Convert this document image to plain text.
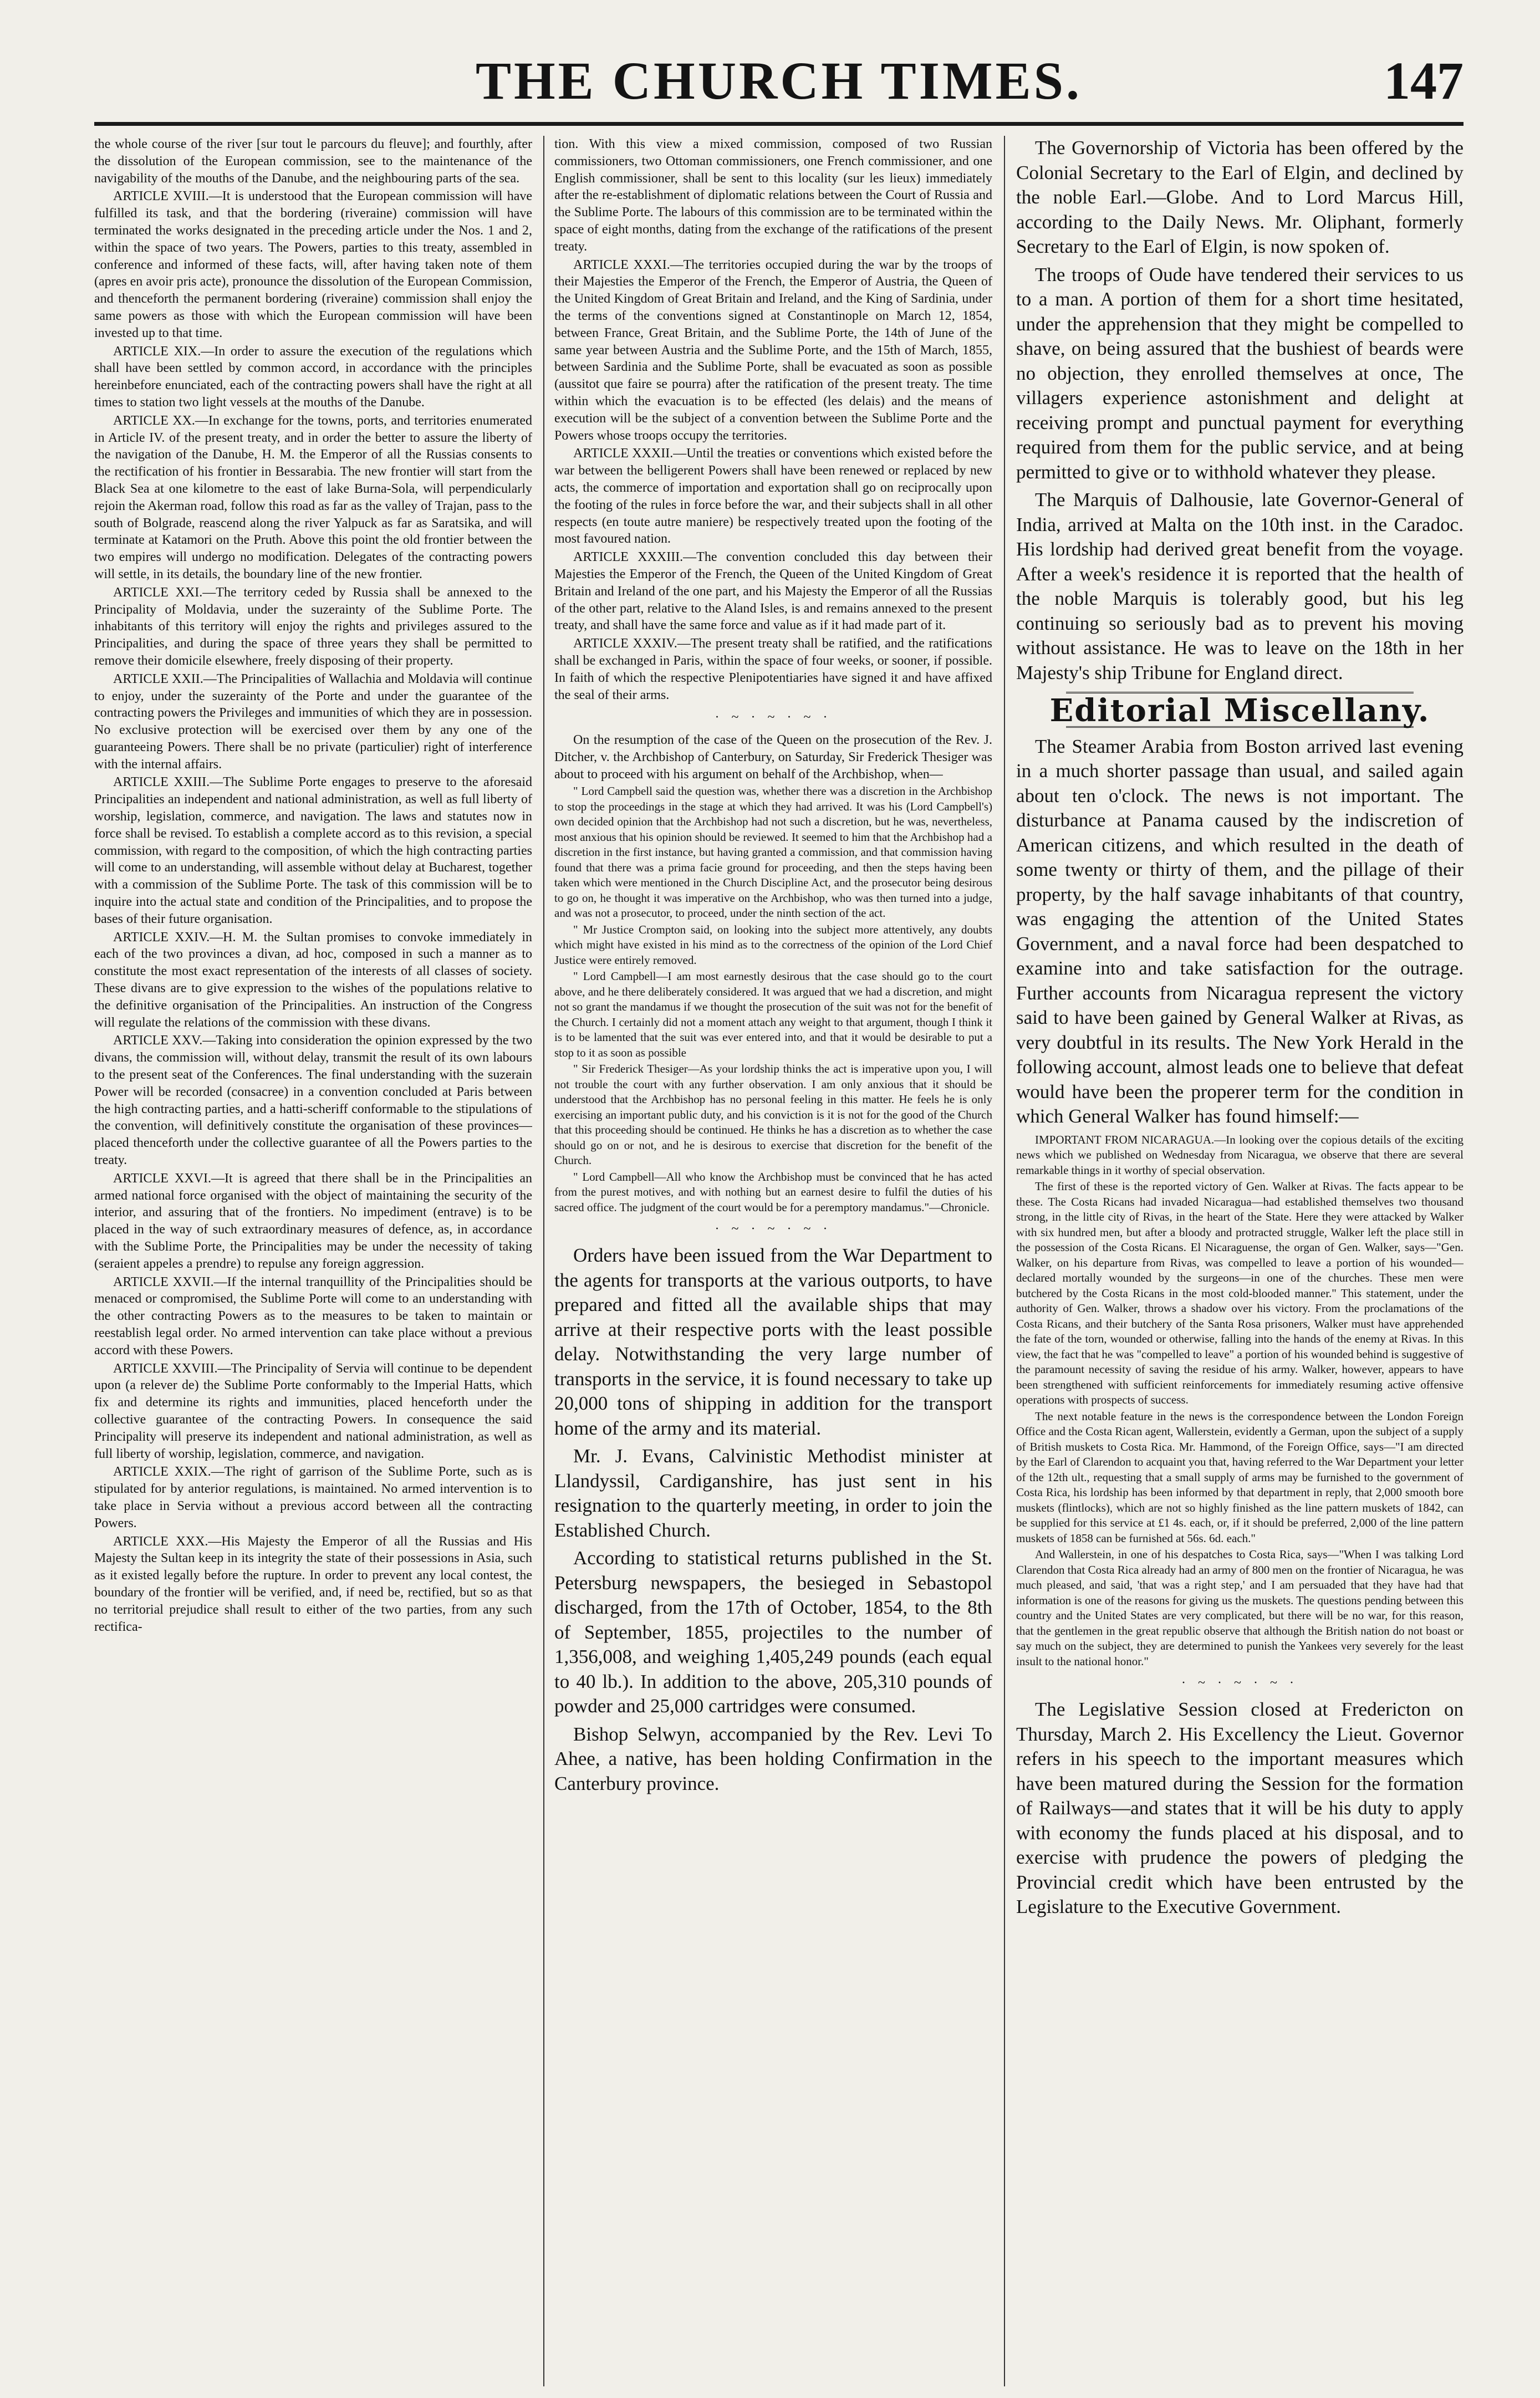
THE CHURCH TIMES.	147

the whole course of the river [sur tout le parcours du fleuve]; and fourthly, after the dissolution of the European commission, see to the maintenance of the navigability of the mouths of the Danube, and the neighbouring parts of the sea.

ARTICLE XVIII.—It is understood that the European commission will have fulfilled its task, and that the bordering (riveraine) commission will have terminated the works designated in the preceding article under the Nos. 1 and 2, within the space of two years. The Powers, parties to this treaty, assembled in conference and informed of these facts, will, after having taken note of them (apres en avoir pris acte), pronounce the dissolution of the European Commission, and thenceforth the permanent bordering (riveraine) commission shall enjoy the same powers as those with which the European commission will have been invested up to that time.

ARTICLE XIX.—In order to assure the execution of the regulations which shall have been settled by common accord, in accordance with the principles hereinbefore enunciated, each of the contracting powers shall have the right at all times to station two light vessels at the mouths of the Danube.

ARTICLE XX.—In exchange for the towns, ports, and territories enumerated in Article IV. of the present treaty, and in order the better to assure the liberty of the navigation of the Danube, H. M. the Emperor of all the Russias consents to the rectification of his frontier in Bessarabia. The new frontier will start from the Black Sea at one kilometre to the east of lake Burna-Sola, will perpendicularly rejoin the Akerman road, follow this road as far as the valley of Trajan, pass to the south of Bolgrade, reascend along the river Yalpuck as far as Saratsika, and will terminate at Katamori on the Pruth. Above this point the old frontier between the two empires will undergo no modification. Delegates of the contracting powers will settle, in its details, the boundary line of the new frontier.

ARTICLE XXI.—The territory ceded by Russia shall be annexed to the Principality of Moldavia, under the suzerainty of the Sublime Porte. The inhabitants of this territory will enjoy the rights and privileges assured to the Principalities, and during the space of three years they shall be permitted to remove their domicile elsewhere, freely disposing of their property.

ARTICLE XXII.—The Principalities of Wallachia and Moldavia will continue to enjoy, under the suzerainty of the Porte and under the guarantee of the contracting powers the Privileges and immunities of which they are in possession. No exclusive protection will be exercised over them by any one of the guaranteeing Powers. There shall be no private (particulier) right of interference with the internal affairs.

ARTICLE XXIII.—The Sublime Porte engages to preserve to the aforesaid Principalities an independent and national administration, as well as full liberty of worship, legislation, commerce, and navigation. The laws and statutes now in force shall be revised. To establish a complete accord as to this revision, a special commission, with regard to the composition, of which the high contracting parties will come to an understanding, will assemble without delay at Bucharest, together with a commission of the Sublime Porte. The task of this commission will be to inquire into the actual state and condition of the Principalities, and to propose the bases of their future organisation.

ARTICLE XXIV.—H. M. the Sultan promises to convoke immediately in each of the two provinces a divan, ad hoc, composed in such a manner as to constitute the most exact representation of the interests of all classes of society. These divans are to give expression to the wishes of the populations relative to the definitive organisation of the Principalities. An instruction of the Congress will regulate the relations of the commission with these divans.

ARTICLE XXV.—Taking into consideration the opinion expressed by the two divans, the commission will, without delay, transmit the result of its own labours to the present seat of the Conferences. The final understanding with the suzerain Power will be recorded (consacree) in a convention concluded at Paris between the high contracting parties, and a hatti-scheriff conformable to the stipulations of the convention, will definitively constitute the organisation of these provinces—placed thenceforth under the collective guarantee of all the Powers parties to the treaty.

ARTICLE XXVI.—It is agreed that there shall be in the Principalities an armed national force organised with the object of maintaining the security of the interior, and assuring that of the frontiers. No impediment (entrave) is to be placed in the way of such extraordinary measures of defence, as, in accordance with the Sublime Porte, the Principalities may be under the necessity of taking (seraient appeles a prendre) to repulse any foreign aggression.

ARTICLE XXVII.—If the internal tranquillity of the Principalities should be menaced or compromised, the Sublime Porte will come to an understanding with the other contracting Powers as to the measures to be taken to maintain or reestablish legal order. No armed intervention can take place without a previous accord with these Powers.

ARTICLE XXVIII.—The Principality of Servia will continue to be dependent upon (a relever de) the Sublime Porte conformably to the Imperial Hatts, which fix and determine its rights and immunities, placed henceforth under the collective guarantee of the contracting Powers. In consequence the said Principality will preserve its independent and national administration, as well as full liberty of worship, legislation, commerce, and navigation.

ARTICLE XXIX.—The right of garrison of the Sublime Porte, such as is stipulated for by anterior regulations, is maintained. No armed intervention is to take place in Servia without a previous accord between all the contracting Powers.

ARTICLE XXX.—His Majesty the Emperor of all the Russias and His Majesty the Sultan keep in its integrity the state of their possessions in Asia, such as it existed legally before the rupture. In order to prevent any local contest, the boundary of the frontier will be verified, and, if need be, rectified, but so as that no territorial prejudice shall result to either of the two parties, from any such rectifica-

tion. With this view a mixed commission, composed of two Russian commissioners, two Ottoman commissioners, one French commissioner, and one English commissioner, shall be sent to this locality (sur les lieux) immediately after the re-establishment of diplomatic relations between the Court of Russia and the Sublime Porte. The labours of this commission are to be terminated within the space of eight months, dating from the exchange of the ratifications of the present treaty.

ARTICLE XXXI.—The territories occupied during the war by the troops of their Majesties the Emperor of the French, the Emperor of Austria, the Queen of the United Kingdom of Great Britain and Ireland, and the King of Sardinia, under the terms of the conventions signed at Constantinople on March 12, 1854, between France, Great Britain, and the Sublime Porte, the 14th of June of the same year between Austria and the Sublime Porte, and the 15th of March, 1855, between Sardinia and the Sublime Porte, shall be evacuated as soon as possible (aussitot que faire se pourra) after the ratification of the present treaty. The time within which the evacuation is to be effected (les delais) and the means of execution will be the subject of a convention between the Sublime Porte and the Powers whose troops occupy the territories.

ARTICLE XXXII.—Until the treaties or conventions which existed before the war between the belligerent Powers shall have been renewed or replaced by new acts, the commerce of importation and exportation shall go on reciprocally upon the footing of the rules in force before the war, and their subjects shall in all other respects (en toute autre maniere) be respectively treated upon the footing of the most favoured nation.

ARTICLE XXXIII.—The convention concluded this day between their Majesties the Emperor of the French, the Queen of the United Kingdom of Great Britain and Ireland of the one part, and his Majesty the Emperor of all the Russias of the other part, relative to the Aland Isles, is and remains annexed to the present treaty, and shall have the same force and value as if it had made part of it.

ARTICLE XXXIV.—The present treaty shall be ratified, and the ratifications shall be exchanged in Paris, within the space of four weeks, or sooner, if possible. In faith of which the respective Plenipotentiaries have signed it and have affixed the seal of their arms.

· ~ · ~ · ~ ·

On the resumption of the case of the Queen on the prosecution of the Rev. J. Ditcher, v. the Archbishop of Canterbury, on Saturday, Sir Frederick Thesiger was about to proceed with his argument on behalf of the Archbishop, when—

" Lord Campbell said the question was, whether there was a discretion in the Archbishop to stop the proceedings in the stage at which they had arrived. It was his (Lord Campbell's) own decided opinion that the Archbishop had not such a discretion, but he was, nevertheless, most anxious that his opinion should be reviewed. It seemed to him that the Archbishop had a discretion in the first instance, but having granted a commission, and that commission having found that there was a prima facie ground for proceeding, and then the steps having been taken which were mentioned in the Church Discipline Act, and the prosecutor being desirous to go on, he thought it was imperative on the Archbishop, who was then turned into a judge, and was not a prosecutor, to proceed, under the ninth section of the act.

" Mr Justice Crompton said, on looking into the subject more attentively, any doubts which might have existed in his mind as to the correctness of the opinion of the Lord Chief Justice were entirely removed.

" Lord Campbell—I am most earnestly desirous that the case should go to the court above, and he there deliberately considered. It was argued that we had a discretion, and might not so grant the mandamus if we thought the prosecution of the suit was not for the benefit of the Church. I certainly did not a moment attach any weight to that argument, though I think it is to be lamented that the suit was ever entered into, and that it would be desirable to put a stop to it as soon as possible

" Sir Frederick Thesiger—As your lordship thinks the act is imperative upon you, I will not trouble the court with any further observation. I am only anxious that it should be understood that the Archbishop has no personal feeling in this matter. He feels he is only exercising an important public duty, and his conviction is it is not for the good of the Church that this proceeding should be continued. He thinks he has a discretion as to whether the case should go on or not, and he is desirous to exercise that discretion for the benefit of the Church.

" Lord Campbell—All who know the Archbishop must be convinced that he has acted from the purest motives, and with nothing but an earnest desire to fulfil the duties of his sacred office. The judgment of the court would be for a peremptory mandamus."—Chronicle.

· ~ · ~ · ~ ·

Orders have been issued from the War Department to the agents for transports at the various outports, to have prepared and fitted all the available ships that may arrive at their respective ports with the least possible delay. Notwithstanding the very large number of transports in the service, it is found necessary to take up 20,000 tons of shipping in addition for the transport home of the army and its material.

Mr. J. Evans, Calvinistic Methodist minister at Llandyssil, Cardiganshire, has just sent in his resignation to the quarterly meeting, in order to join the Established Church.

According to statistical returns published in the St. Petersburg newspapers, the besieged in Sebastopol discharged, from the 17th of October, 1854, to the 8th of September, 1855, projectiles to the number of 1,356,008, and weighing 1,405,249 pounds (each equal to 40 lb.). In addition to the above, 205,310 pounds of powder and 25,000 cartridges were consumed.

Bishop Selwyn, accompanied by the Rev. Levi To Ahee, a native, has been holding Confirmation in the Canterbury province.

The Governorship of Victoria has been offered by the Colonial Secretary to the Earl of Elgin, and declined by the noble Earl.—Globe. And to Lord Marcus Hill, according to the Daily News. Mr. Oliphant, formerly Secretary to the Earl of Elgin, is now spoken of.

The troops of Oude have tendered their services to us to a man. A portion of them for a short time hesitated, under the apprehension that they might be compelled to shave, on being assured that the bushiest of beards were no objection, they enrolled themselves at once, The villagers experience astonishment and delight at receiving prompt and punctual payment for everything required from them for the public service, and at being permitted to give or to withhold whatever they please.

The Marquis of Dalhousie, late Governor-General of India, arrived at Malta on the 10th inst. in the Caradoc. His lordship had derived great benefit from the voyage. After a week's residence it is reported that the health of the noble Marquis is tolerably good, but his leg continuing so seriously bad as to prevent his moving without assistance. He was to leave on the 18th in her Majesty's ship Tribune for England direct.

Editorial Miscellany.

The Steamer Arabia from Boston arrived last evening in a much shorter passage than usual, and sailed again about ten o'clock. The news is not important. The disturbance at Panama caused by the indiscretion of American citizens, and which resulted in the death of some twenty or thirty of them, and the pillage of their property, by the half savage inhabitants of that country, was engaging the attention of the United States Government, and a naval force had been despatched to examine into and take satisfaction for the outrage. Further accounts from Nicaragua represent the victory said to have been gained by General Walker at Rivas, as very doubtful in its results. The New York Herald in the following account, almost leads one to believe that defeat would have been the properer term for the condition in which General Walker has found himself:—

IMPORTANT FROM NICARAGUA.—In looking over the copious details of the exciting news which we published on Wednesday from Nicaragua, we observe that there are several remarkable things in it worthy of special observation.

The first of these is the reported victory of Gen. Walker at Rivas. The facts appear to be these. The Costa Ricans had invaded Nicaragua—had established themselves two thousand strong, in the little city of Rivas, in the heart of the State. Here they were attacked by Walker with six hundred men, but after a bloody and protracted struggle, Walker left the place still in the possession of the Costa Ricans. El Nicaraguense, the organ of Gen. Walker, says—"Gen. Walker, on his departure from Rivas, was compelled to leave a portion of his wounded—declared mortally wounded by the surgeons—in one of the churches. These men were butchered by the Costa Ricans in the most cold-blooded manner." This statement, under the authority of Gen. Walker, throws a shadow over his victory. From the proclamations of the Costa Ricans, and their butchery of the Santa Rosa prisoners, Walker must have apprehended the fate of the torn, wounded or otherwise, falling into the hands of the enemy at Rivas. In this view, the fact that he was "compelled to leave" a portion of his wounded behind is suggestive of the paramount necessity of saving the residue of his army. Walker, however, appears to have been strengthened with sufficient reinforcements for immediately resuming active offensive operations with prospects of success.

The next notable feature in the news is the correspondence between the London Foreign Office and the Costa Rican agent, Wallerstein, evidently a German, upon the subject of a supply of British muskets to Costa Rica. Mr. Hammond, of the Foreign Office, says—"I am directed by the Earl of Clarendon to acquaint you that, having referred to the War Department your letter of the 12th ult., requesting that a small supply of arms may be furnished to the government of Costa Rica, his lordship has been informed by that department in reply, that 2,000 smooth bore muskets (flintlocks), which are not so highly finished as the line pattern muskets of 1842, can be supplied for this service at £1 4s. each, or, if it should be preferred, 2,000 of the line pattern muskets of 1858 can be furnished at 56s. 6d. each."

And Wallerstein, in one of his despatches to Costa Rica, says—"When I was talking Lord Clarendon that Costa Rica already had an army of 800 men on the frontier of Nicaragua, he was much pleased, and said, 'that was a right step,' and I am persuaded that they have had that information is one of the reasons for giving us the muskets. The questions pending between this country and the United States are very complicated, but there will be no war, for this reason, that the gentlemen in the great republic observe that although the British nation do not boast or say much on the subject, they are determined to punish the Yankees very severely for the least insult to the national honor."

· ~ · ~ · ~ ·

The Legislative Session closed at Fredericton on Thursday, March 2. His Excellency the Lieut. Governor refers in his speech to the important measures which have been matured during the Session for the formation of Railways—and states that it will be his duty to apply with economy the funds placed at his disposal, and to exercise with prudence the powers of pledging the Provincial credit which have been entrusted by the Legislature to the Executive Government.
